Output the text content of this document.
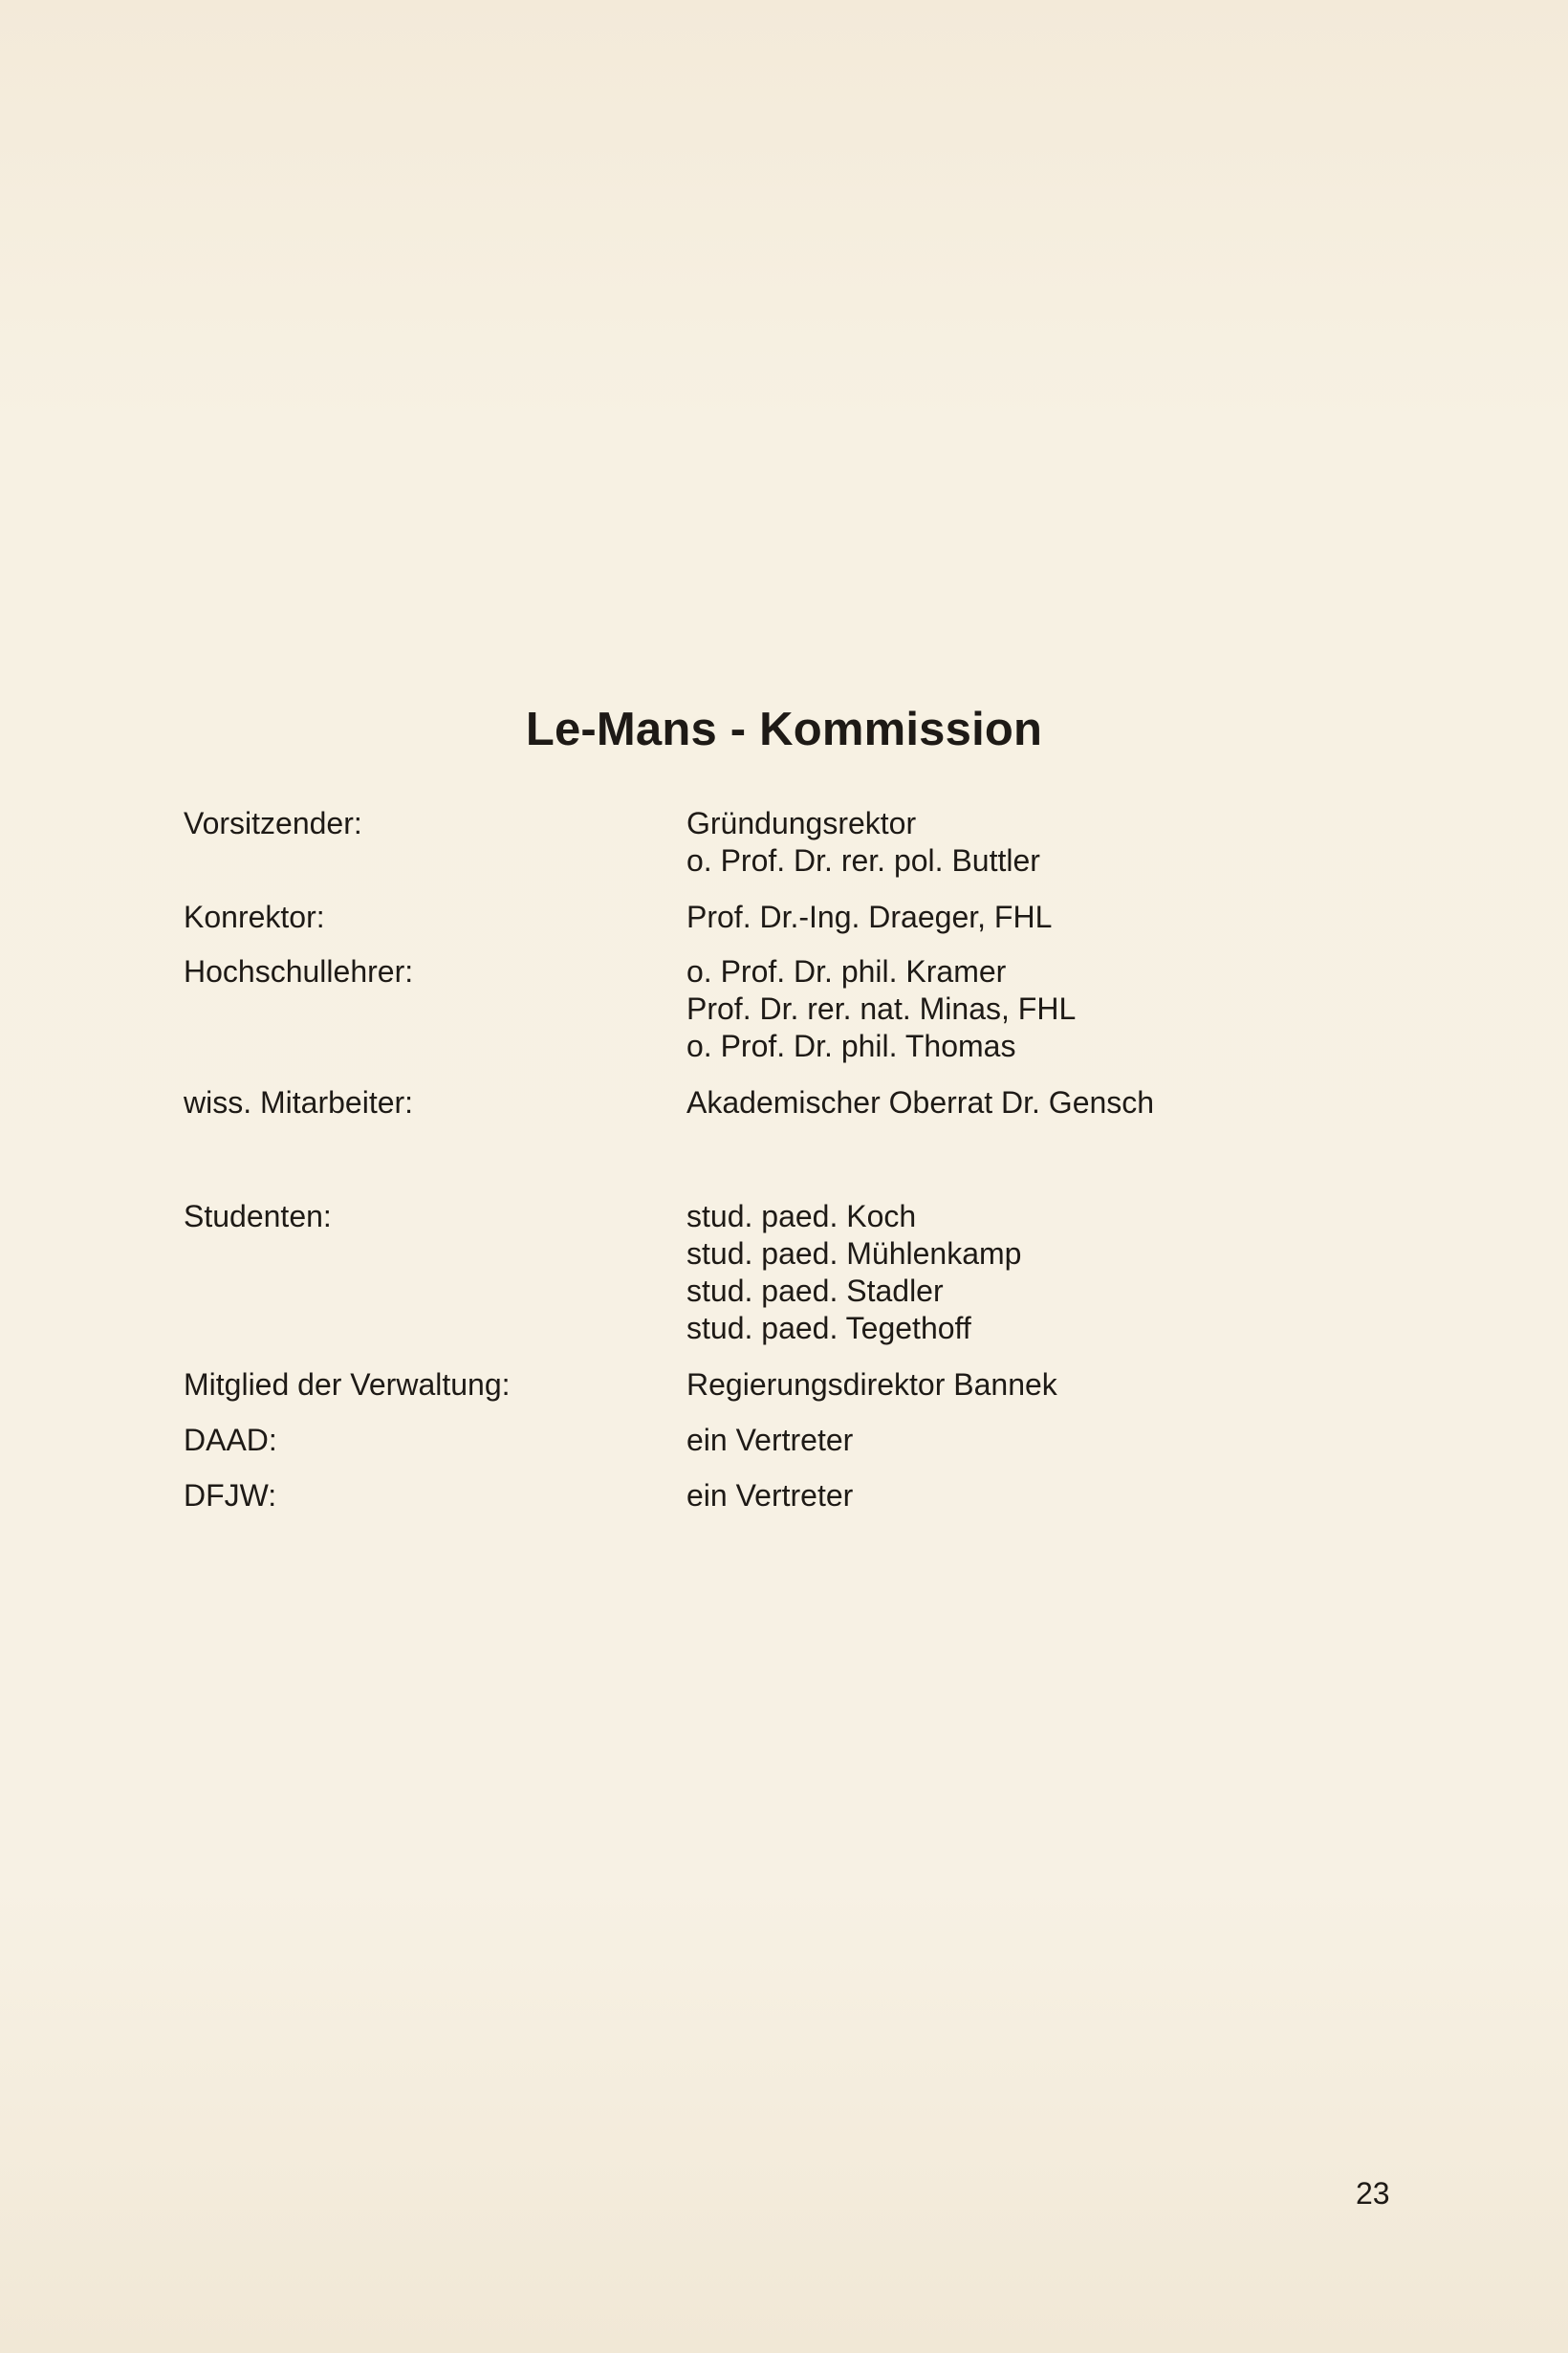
Le-Mans - Kommission
Vorsitzender:	Gründungsrektor
o. Prof. Dr. rer. pol. Buttler
Konrektor:	Prof. Dr.-Ing. Draeger, FHL
Hochschullehrer:	o. Prof. Dr. phil. Kramer
Prof. Dr. rer. nat. Minas, FHL
o. Prof. Dr. phil. Thomas
wiss. Mitarbeiter:	Akademischer Oberrat Dr. Gensch
Studenten:	stud. paed. Koch
stud. paed. Mühlenkamp
stud. paed. Stadler
stud. paed. Tegethoff
Mitglied der Verwaltung:	Regierungsdirektor Bannek
DAAD:	ein Vertreter
DFJW:	ein Vertreter
23
